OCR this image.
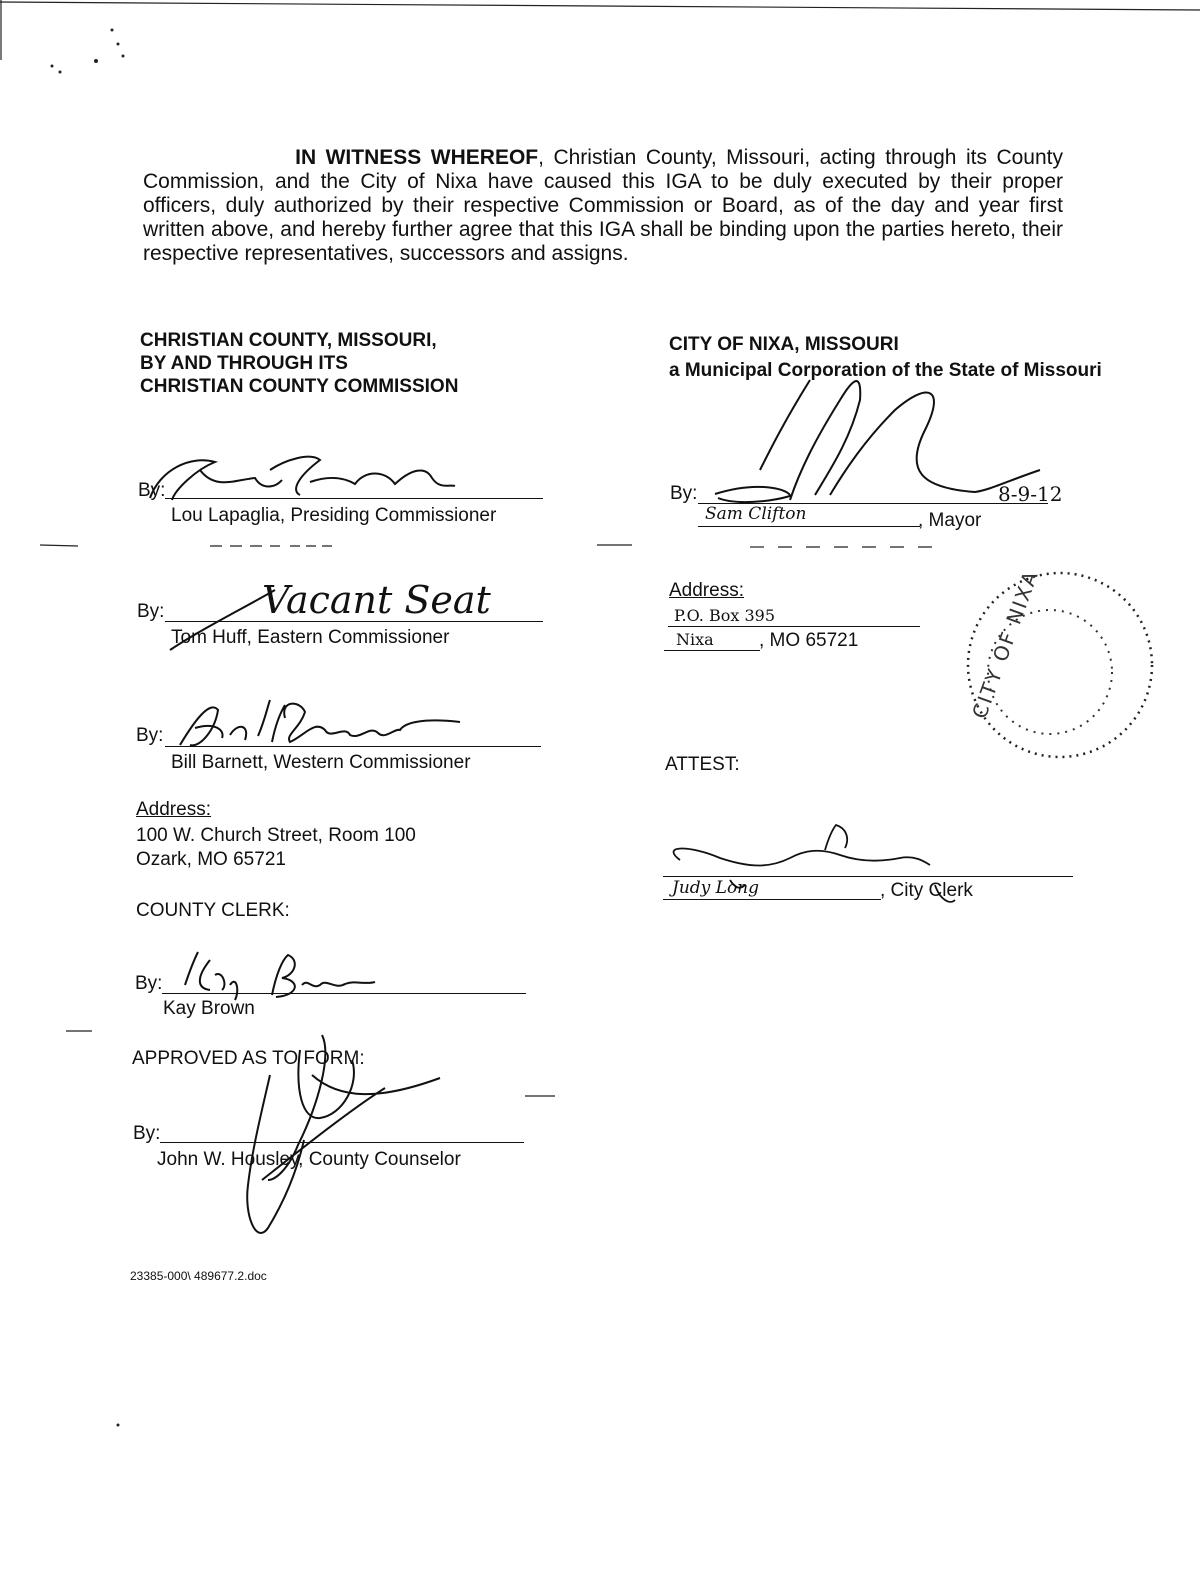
IN WITNESS WHEREOF, Christian County, Missouri, acting through its County Commission, and the City of Nixa have caused this IGA to be duly executed by their proper officers, duly authorized by their respective Commission or Board, as of the day and year first written above, and hereby further agree that this IGA shall be binding upon the parties hereto, their respective representatives, successors and assigns.
CHRISTIAN COUNTY, MISSOURI,
BY AND THROUGH ITS
CHRISTIAN COUNTY COMMISSION
CITY OF NIXA, MISSOURI
a Municipal Corporation of the State of Missouri
By:
Lou Lapaglia, Presiding Commissioner
By:
Tom Huff, Eastern Commissioner
Vacant Seat
By:
Bill Barnett, Western Commissioner
Address:
100 W. Church Street, Room 100
Ozark, MO 65721
COUNTY CLERK:
By:
Kay Brown
APPROVED AS TO FORM:
By:
John W. Housley, County Counselor
23385-000\ 489677.2.doc
By:
Sam Clifton	, Mayor
8-9-12
Address:
P.O. Box 395
Nixa , MO 65721
ATTEST:
Judy Long	, City Clerk
CITY OF NIXA
